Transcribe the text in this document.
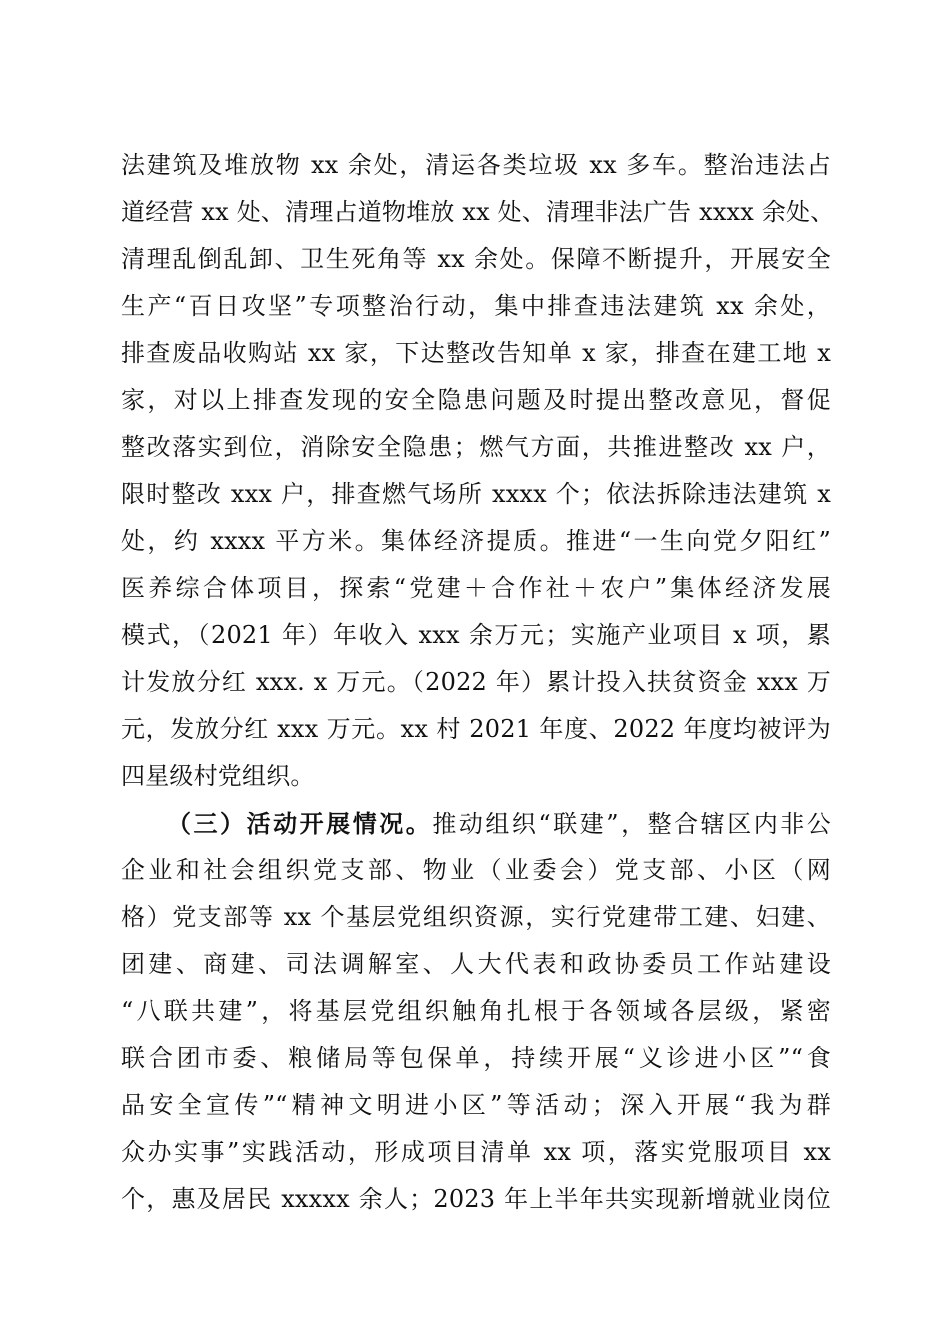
法建筑及堆放物 xx 余处，清运各类垃圾 xx 多车。整治违法占
道经营 xx 处、清理占道物堆放 xx 处、清理非法广告 xxxx 余处、
清理乱倒乱卸、卫生死角等 xx 余处。保障不断提升，开展安全
生产“百日攻坚”专项整治行动，集中排查违法建筑 xx 余处，
排查废品收购站 xx 家，下达整改告知单 x 家，排查在建工地 x
家，对以上排查发现的安全隐患问题及时提出整改意见，督促
整改落实到位，消除安全隐患；燃气方面，共推进整改 xx 户，
限时整改 xxx 户，排查燃气场所 xxxx 个；依法拆除违法建筑 x
处，约 xxxx 平方米。集体经济提质。推进“一生向党夕阳红”
医养综合体项目，探索“党建＋合作社＋农户”集体经济发展
模式，（2021 年）年收入 xxx 余万元；实施产业项目 x 项，累
计发放分红 xxx. x 万元。（2022 年）累计投入扶贫资金 xxx 万
元，发放分红 xxx 万元。xx 村 2021 年度、2022 年度均被评为
四星级村党组织。
（三）活动开展情况。推动组织“联建”，整合辖区内非公
企业和社会组织党支部、物业（业委会）党支部、小区（网
格）党支部等 xx 个基层党组织资源，实行党建带工建、妇建、
团建、商建、司法调解室、人大代表和政协委员工作站建设
“八联共建”，将基层党组织触角扎根于各领域各层级，紧密
联合团市委、粮储局等包保单，持续开展“义诊进小区”“食
品安全宣传”“精神文明进小区”等活动；深入开展“我为群
众办实事”实践活动，形成项目清单 xx 项，落实党服项目 xx
个，惠及居民 xxxxx 余人；2023 年上半年共实现新增就业岗位
